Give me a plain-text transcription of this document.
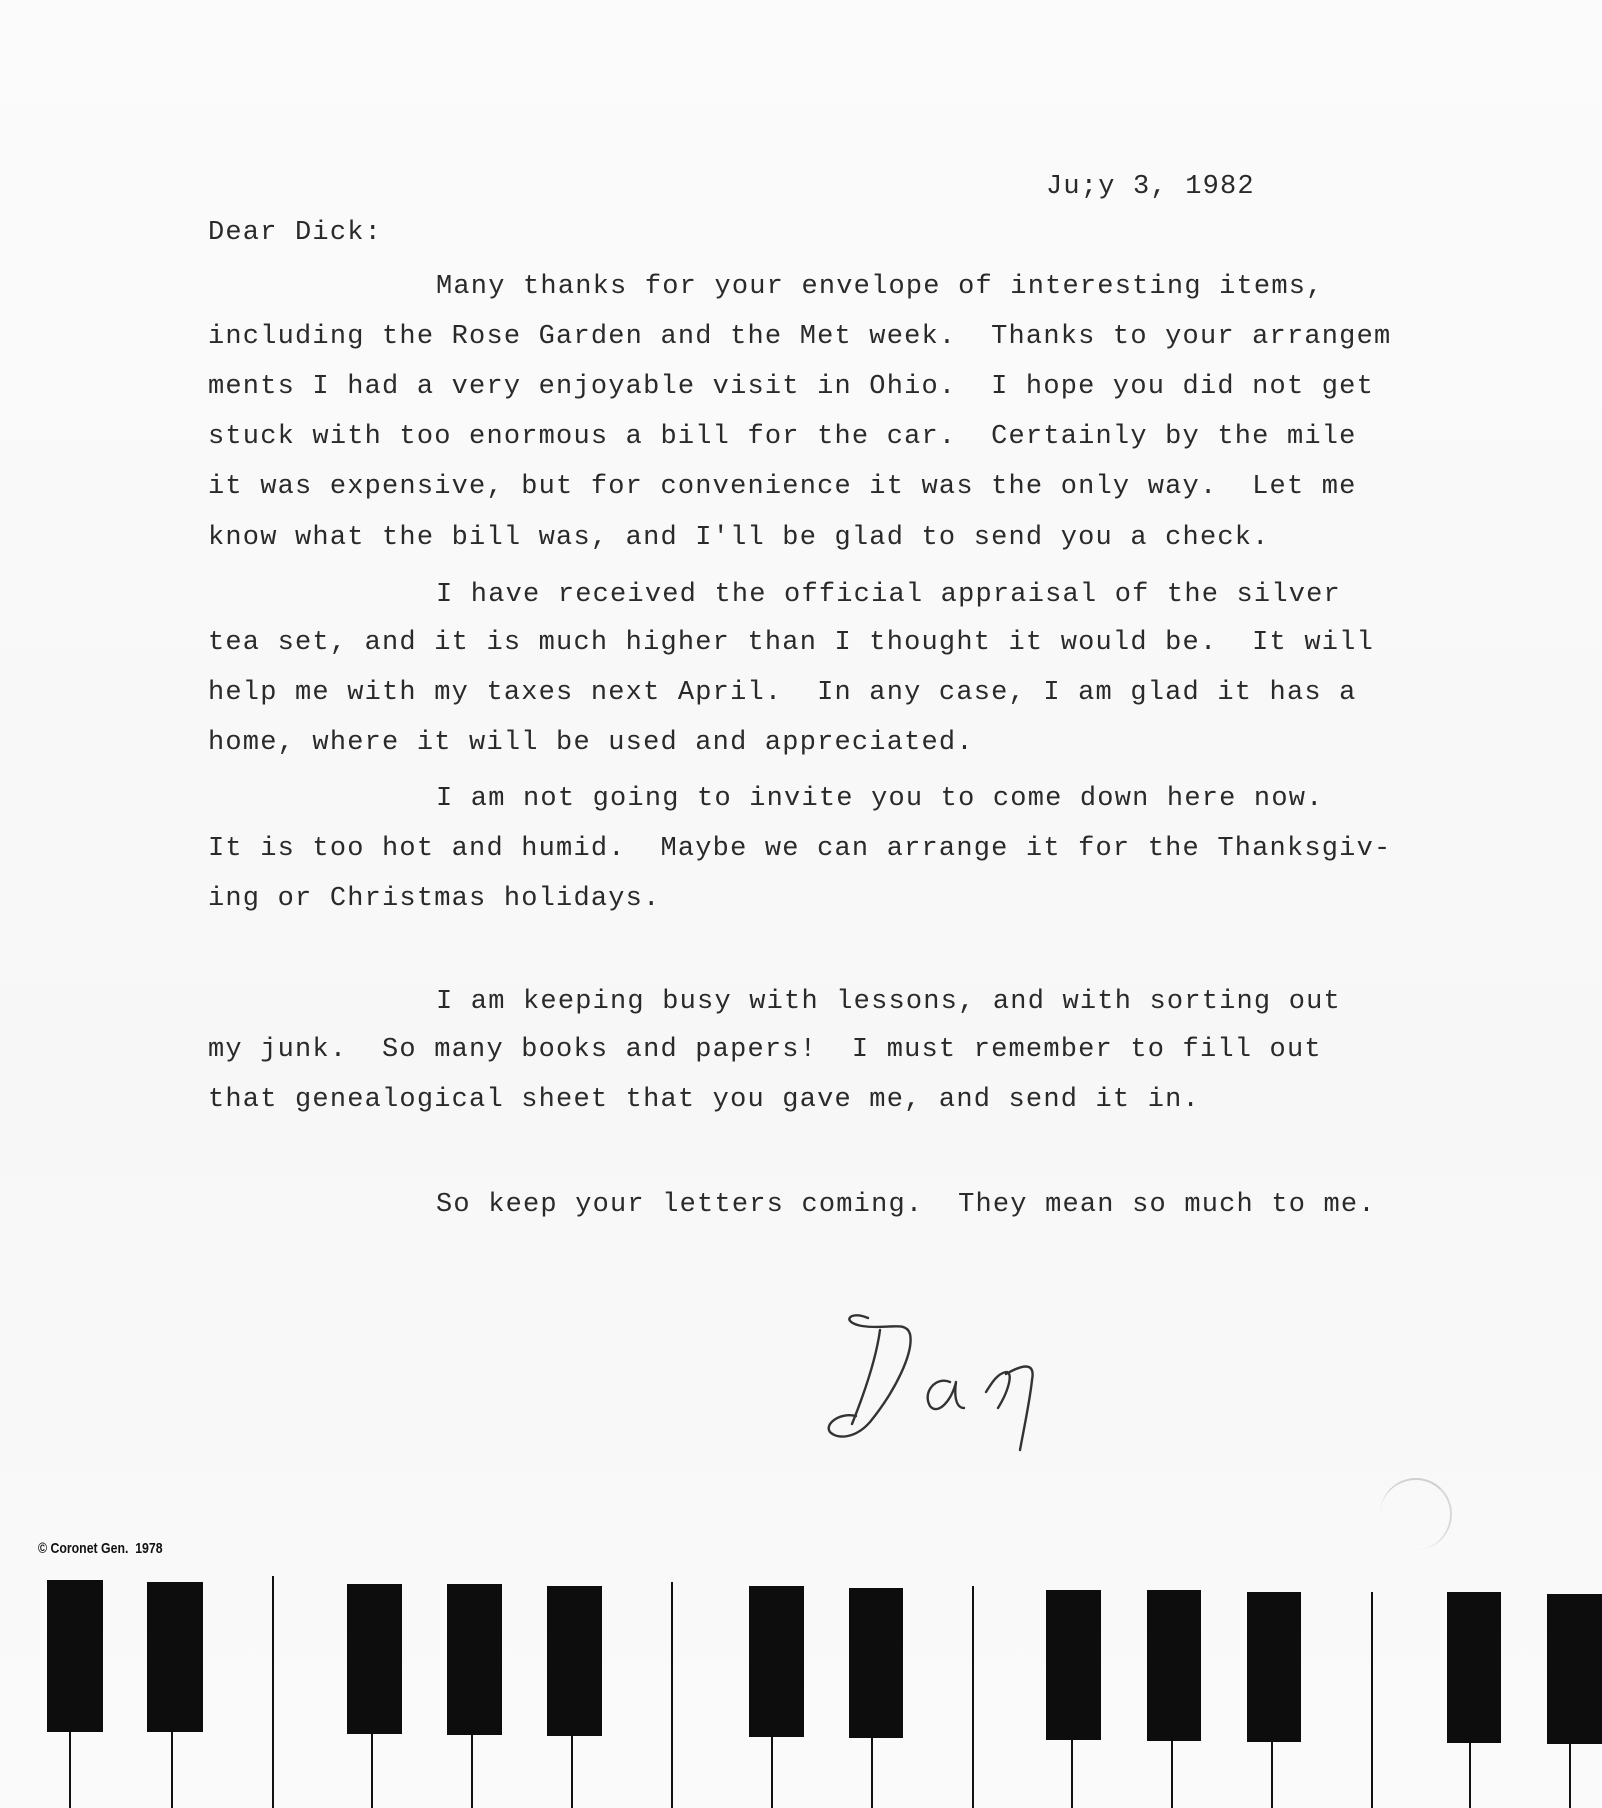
Ju;y 3, 1982
Dear Dick:
Many thanks for your envelope of interesting items,
including the Rose Garden and the Met week.  Thanks to your arrangem
ments I had a very enjoyable visit in Ohio.  I hope you did not get
stuck with too enormous a bill for the car.  Certainly by the mile
it was expensive, but for convenience it was the only way.  Let me
know what the bill was, and I'll be glad to send you a check.
I have received the official appraisal of the silver
tea set, and it is much higher than I thought it would be.  It will
help me with my taxes next April.  In any case, I am glad it has a
home, where it will be used and appreciated.
I am not going to invite you to come down here now.
It is too hot and humid.  Maybe we can arrange it for the Thanksgiv-
ing or Christmas holidays.
I am keeping busy with lessons, and with sorting out
my junk.  So many books and papers!  I must remember to fill out
that genealogical sheet that you gave me, and send it in.
So keep your letters coming.  They mean so much to me.
© Coronet Gen.  1978
